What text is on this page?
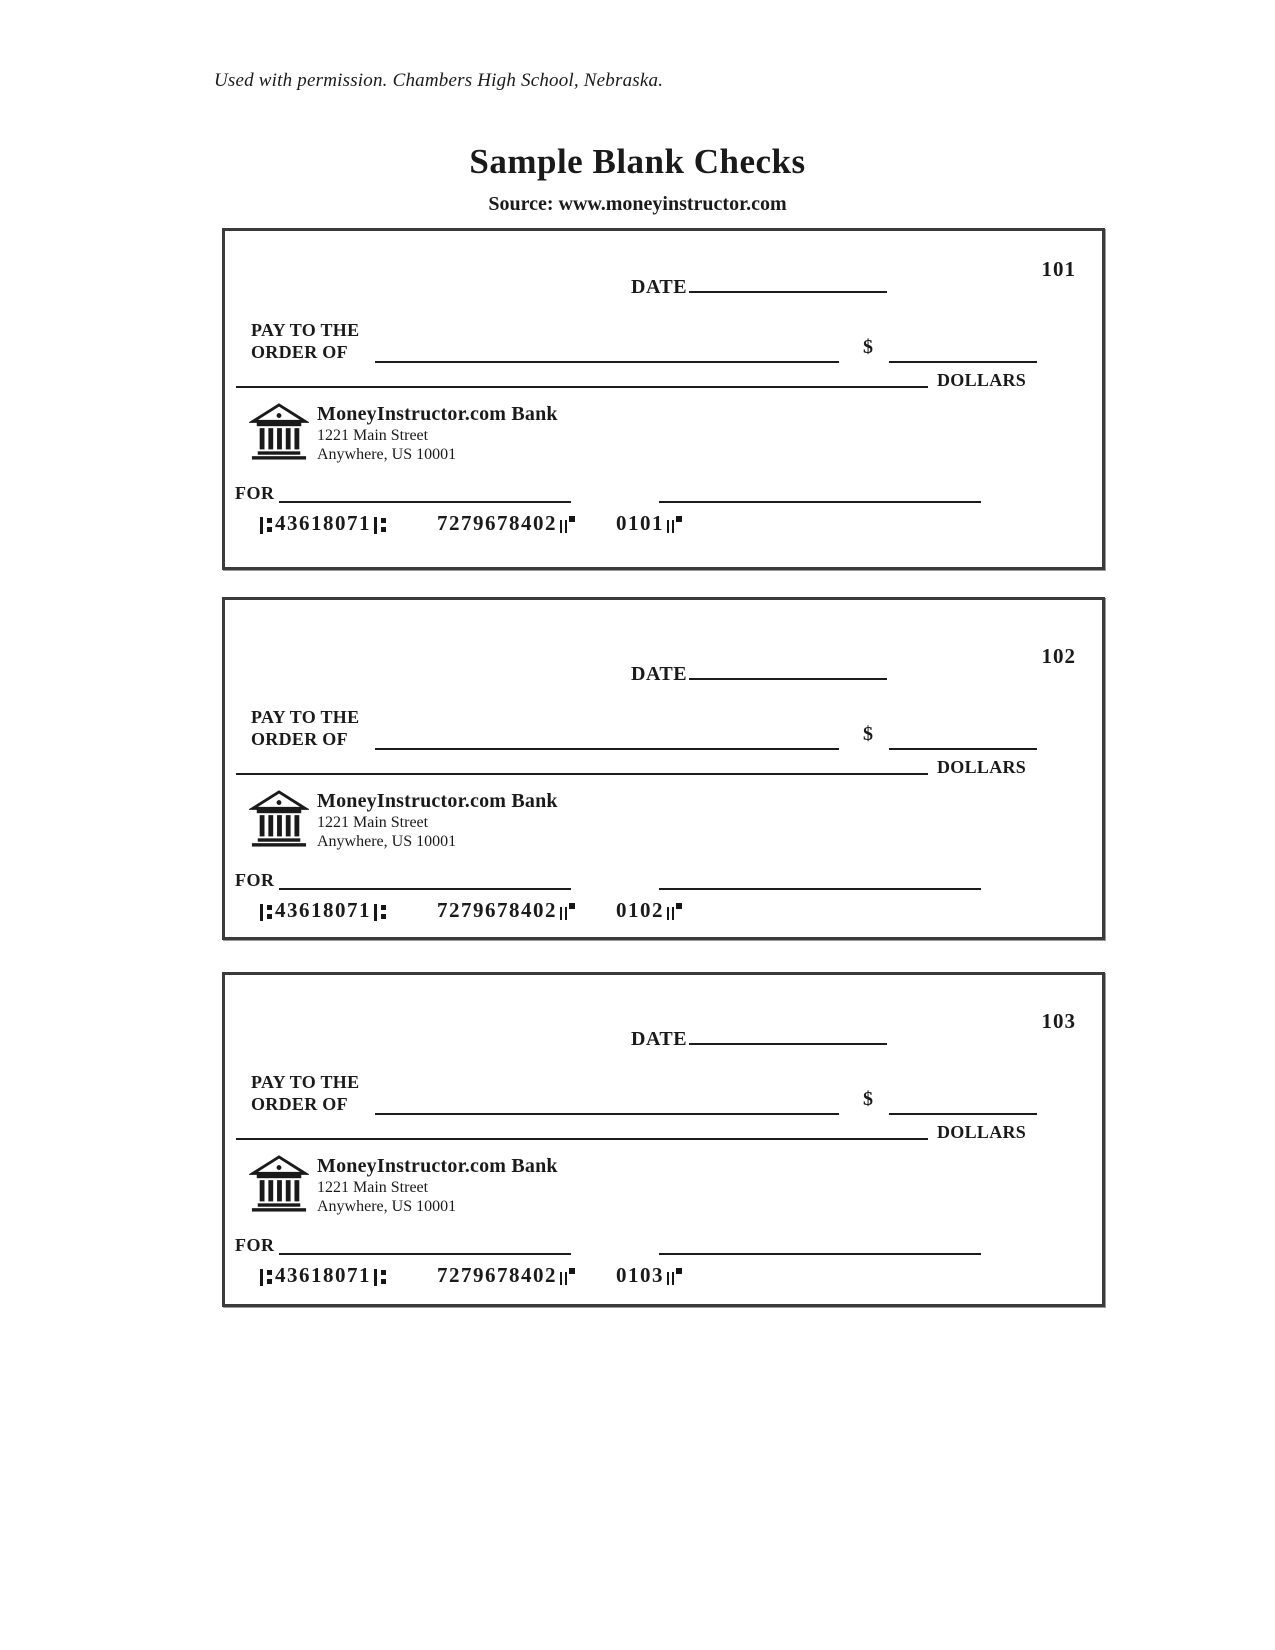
Used with permission. Chambers High School, Nebraska.
Sample Blank Checks
Source: www.moneyinstructor.com
101
DATE
PAY TO THE
ORDER OF	$
DOLLARS
MoneyInstructor.com Bank
1221 Main Street
Anywhere, US 10001
FOR
43618071	7279678402	0101
102
DATE
PAY TO THE
ORDER OF	$
DOLLARS
MoneyInstructor.com Bank
1221 Main Street
Anywhere, US 10001
FOR
43618071	7279678402	0102
103
DATE
PAY TO THE
ORDER OF	$
DOLLARS
MoneyInstructor.com Bank
1221 Main Street
Anywhere, US 10001
FOR
43618071	7279678402	0103
